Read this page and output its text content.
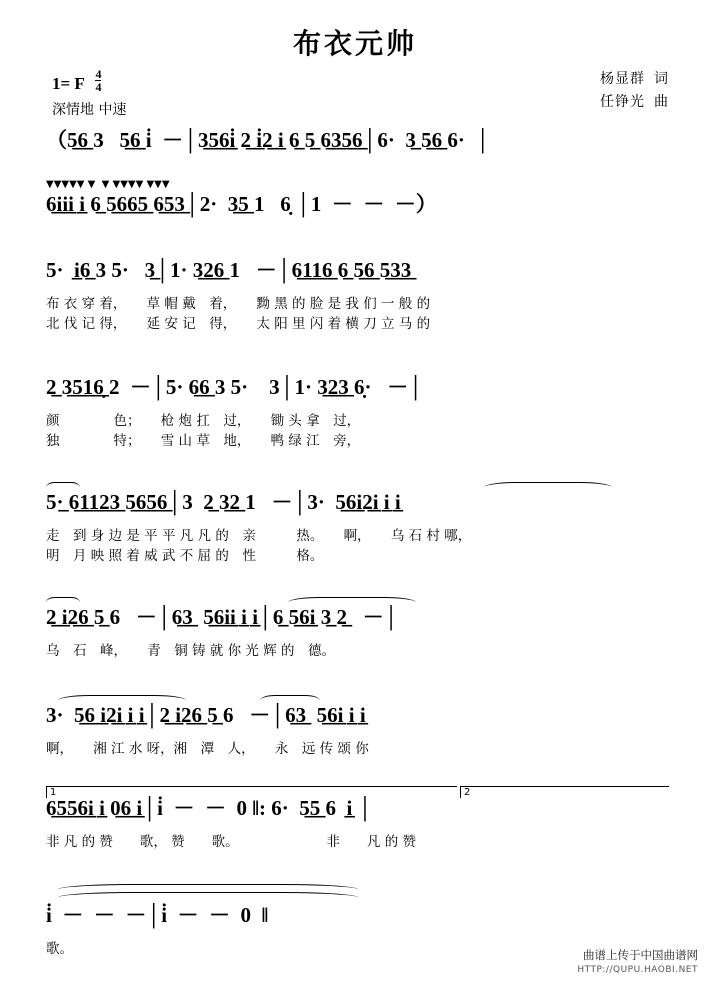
布衣元帅
1= F $\frac{4}{4}$
深情地 中速
杨显群 词
任铮光 曲
（5̲6̲ 3   5̲6̲ i̇  －│3̲5̲6̲i̲̇ 2̲ i̲̇2̲ i̲ 6̲ 5̲ 6̲3̲5̲6̲│6·  3̲ 5̲6̲ 6·  │
▼▼▼▼▼ ▼  ▼ ▼▼▼▼ ▼▼▼
6̲i̲i̲i̲ i̲ 6̲ 5̲6̲6̲5̲ 6̲5̲3̲│2·  3̲5̲ 1   6̣ │1  －  －  －）
5·  i̲6̲ 3 5·   3̲│1· 3̲2̲6̲ 1   －│6̲1̲1̲6̲ 6̲ 5̲6̲ 5̲3̲3̲
布 衣 穿 着，　　草 帽 戴　着，　　黝 黑 的 脸 是 我 们 一 般 的
北 伐 记 得，　　延 安 记　得，　　太 阳 里 闪 着 横 刀 立 马 的
2̲ 3̲5̲1̲6̣̲ 2  －│5· 6̲6̲ 3 5·    3│1· 3̲2̲3̲ 6̣·   －│
颜　　　　色；　　枪 炮 扛　过，　　锄 头 拿　过，
独　　　　特；　　雪 山 草　地，　　鸭 绿 江　旁，
5·̲ 6̲1̲1̲2̲3̲ 5̲6̲5̲6̲│3  2̲ 3̲2̲ 1   －│3·  5̲6̲i̲2̲i̲ i̲ i̲
走　到 身 边 是 平 平 凡 凡 的　亲　　　热。　　啊，　　乌 石 村 哪，
明　月 映 照 着 威 武 不 屈 的　性　　　格。
2̲ i̲2̲6̲ 5̲ 6   －│6̲3̲  5̲6̲i̲i̲ i̲ i̲│6̲ 5̲6̲i̲ 3̲ 2̲   －│
乌　石　峰，　　青　铜 铸 就 你 光 辉 的　德。
3·  5̲6̲ i̲2̲i̲ i̲ i̲│2̲ i̲2̲6̲ 5̲ 6   －│6̲3̲  5̲6̲i̲ i̲ i̲
啊，　　湘 江 水 呀，湘　潭　人，　　永　远 传 颂 你
1	2
6̲5̲5̲6̲i̲ i̲ 0̲6̲ i̲│i̇  －  －  0 ‖: 6·  5̲5̲ 6  i̲ │
非 凡 的 赞　　歌， 赞　　歌。　　　　　　　非　　凡 的 赞
i̇  －  －  －│i̇  －  －  0  ‖
歌。	曲谱上传于中国曲谱网
HTTP://QUPU.HAOBI.NET
